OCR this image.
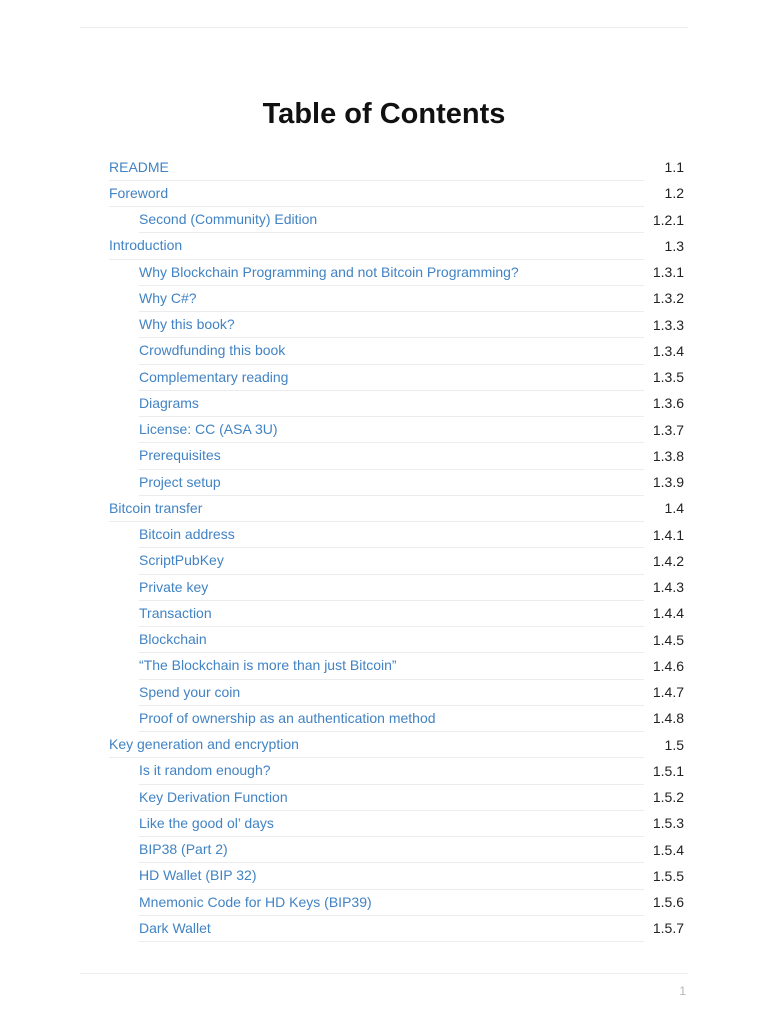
Table of Contents
README	1.1
Foreword	1.2
Second (Community) Edition	1.2.1
Introduction	1.3
Why Blockchain Programming and not Bitcoin Programming?	1.3.1
Why C#?	1.3.2
Why this book?	1.3.3
Crowdfunding this book	1.3.4
Complementary reading	1.3.5
Diagrams	1.3.6
License: CC (ASA 3U)	1.3.7
Prerequisites	1.3.8
Project setup	1.3.9
Bitcoin transfer	1.4
Bitcoin address	1.4.1
ScriptPubKey	1.4.2
Private key	1.4.3
Transaction	1.4.4
Blockchain	1.4.5
“The Blockchain is more than just Bitcoin”	1.4.6
Spend your coin	1.4.7
Proof of ownership as an authentication method	1.4.8
Key generation and encryption	1.5
Is it random enough?	1.5.1
Key Derivation Function	1.5.2
Like the good ol’ days	1.5.3
BIP38 (Part 2)	1.5.4
HD Wallet (BIP 32)	1.5.5
Mnemonic Code for HD Keys (BIP39)	1.5.6
Dark Wallet	1.5.7
1
